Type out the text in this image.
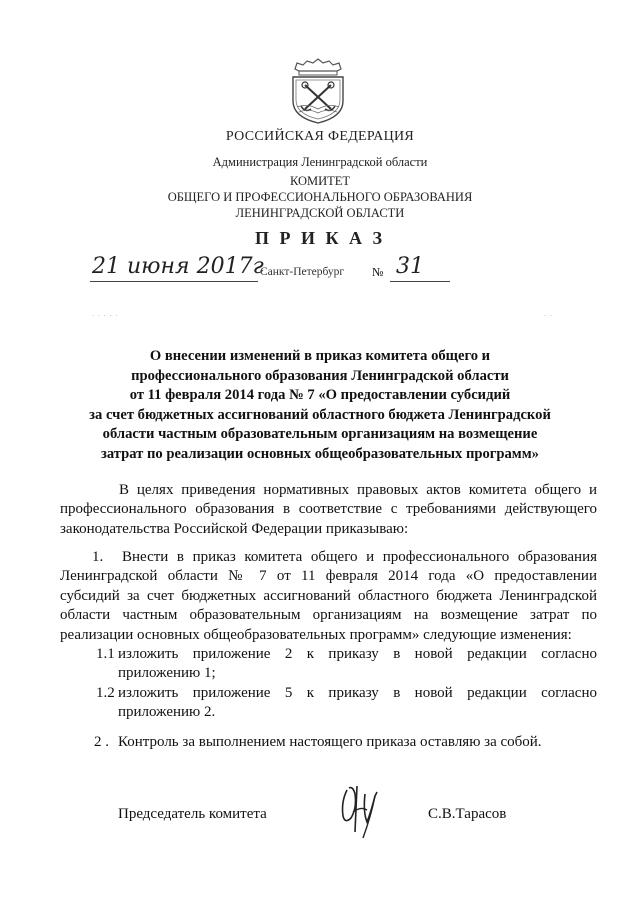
РОССИЙСКАЯ ФЕДЕРАЦИЯ
Администрация Ленинградской области
КОМИТЕТ
ОБЩЕГО И ПРОФЕССИОНАЛЬНОГО ОБРАЗОВАНИЯ
ЛЕНИНГРАДСКОЙ ОБЛАСТИ
П Р И К А З
21 июня 2017г
Санкт-Петербург № 31
. . . . .	. .
О внесении изменений в приказ комитета общего и
профессионального образования Ленинградской области
от 11 февраля 2014 года № 7 «О предоставлении субсидий
за счет бюджетных ассигнований областного бюджета Ленинградской
области частным образовательным организациям на возмещение
затрат по реализации основных общеобразовательных программ»
В целях приведения нормативных правовых актов комитета общего и
профессионального образования в соответствие с требованиями действующего
законодательства Российской Федерации приказываю:
1.	Внести в приказ комитета общего и профессионального образования
Ленинградской области № 7 от 11 февраля 2014 года «О предоставлении
субсидий за счет бюджетных ассигнований областного бюджета Ленинградской
области частным образовательным организациям на возмещение затрат по
реализации основных общеобразовательных программ» следующие изменения:
1.1 изложить приложение 2 к приказу в новой редакции согласно
приложению 1;
1.2 изложить приложение 5 к приказу в новой редакции согласно
приложению 2.
2 . Контроль за выполнением настоящего приказа оставляю за собой.
Председатель комитета	С.В.Тарасов
